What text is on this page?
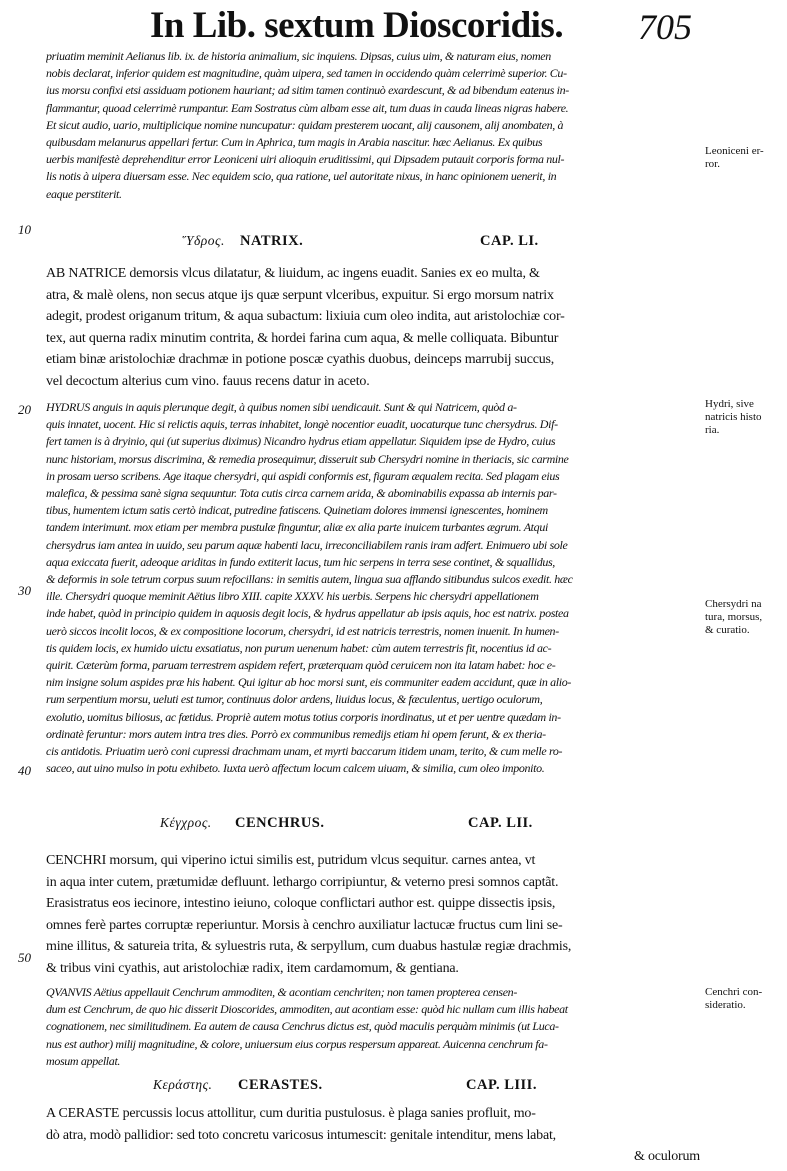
In Lib. sextum Dioscoridis. 705
priuatim meminit Aelianus lib. ix. de historia animalium, sic inquiens. Dipsas, cuius uim, & naturam eius, nomen
nobis declarat, inferior quidem est magnitudine, quàm uipera, sed tamen in occidendo quàm celerrimè superior. Cu-
ius morsu confixi etsi assiduam potionem hauriant; ad sitim tamen continuò exardescunt, & ad bibendum eatenus in-
flammantur, quoad celerrimè rumpantur. Eam Sostratus cùm albam esse ait, tum duas in cauda lineas nigras habere.
Et sicut audio, uario, multiplicique nomine nuncupatur: quidam presterem uocant, alij causonem, alij anombaten, à
quibusdam melanurus appellari fertur. Cum in Aphrica, tum magis in Arabia nascitur. hæc Aelianus. Ex quibus
uerbis manifestè deprehenditur error Leoniceni uiri alioquin eruditissimi, qui Dipsadem putauit corporis forma nul-
lis notis à uipera diuersam esse. Nec equidem scio, qua ratione, uel autoritate nixus, in hanc opinionem uenerit, in
eaque perstiterit.
10
Ὕδρος. NATRIX.	CAP. LI.
AB NATRICE demorsis vlcus dilatatur, & liuidum, ac ingens euadit. Sanies ex eo multa, &
atra, & malè olens, non secus atque ijs quæ serpunt vlceribus, expuitur. Si ergo morsum natrix
adegit, prodest origanum tritum, & aqua subactum: lixiuia cum oleo indita, aut aristolochiæ cor-
tex, aut querna radix minutim contrita, & hordei farina cum aqua, & melle colliquata. Bibuntur
etiam binæ aristolochiæ drachmæ in potione poscæ cyathis duobus, deinceps marrubij succus,
vel decoctum alterius cum vino. fauus recens datur in aceto.
20 HYDRUS anguis in aquis plerunque degit, à quibus nomen sibi uendicauit. Sunt & qui Natricem, quòd a-
quis innatet, uocent. Hic si relictis aquis, terras inhabitet, longè nocentior euadit, uocaturque tunc chersydrus. Dif-
fert tamen is à dryinio, qui (ut superius diximus) Nicandro hydrus etiam appellatur. Siquidem ipse de Hydro, cuius
nunc historiam, morsus discrimina, & remedia prosequimur, disseruit sub Chersydri nomine in theriacis, sic carmine
in prosam uerso scribens. Age itaque chersydri, qui aspidi conformis est, figuram æqualem recita. Sed plagam eius
malefica, & pessima sanè signa sequuntur. Tota cutis circa carnem arida, & abominabilis expassa ab internis par-
tibus, humentem ictum satis certò indicat, putredine fatiscens. Quinetiam dolores immensi ignescentes, hominem
tandem interimunt. mox etiam per membra pustulæ finguntur, aliæ ex alia parte inuicem turbantes ægrum. Atqui
chersydrus iam antea in uuido, seu parum aquæ habenti lacu, irreconciliabilem ranis iram adfert. Enimuero ubi sole
aqua exiccata fuerit, adeoque ariditas in fundo extiterit lacus, tum hic serpens in terra sese continet, & squallidus,
& deformis in sole tetrum corpus suum refocillans: in semitis autem, lingua sua afflando sitibundus sulcos exedit. hæc
ille. Chersydri quoque meminit Aëtius libro XIII. capite XXXV. his uerbis. Serpens hic chersydri appellationem
inde habet, quòd in principio quidem in aquosis degit locis, & hydrus appellatur ab ipsis aquis, hoc est natrix. postea
uerò siccos incolit locos, & ex compositione locorum, chersydri, id est natricis terrestris, nomen inuenit. In humen-
tis quidem locis, ex humido uictu exsatiatus, non purum uenenum habet: cùm autem terrestris fit, nocentius id ac-
quirit. Cæterùm forma, paruam terrestrem aspidem refert, præterquam quòd ceruicem non ita latam habet: hoc e-
nim insigne solum aspides præ his habent. Qui igitur ab hoc morsi sunt, eis communiter eadem accidunt, quæ in alio-
rum serpentium morsu, ueluti est tumor, continuus dolor ardens, liuidus locus, & fæculentus, uertigo oculorum,
exolutio, uomitus biliosus, ac fœtidus. Propriè autem motus totius corporis inordinatus, ut et per uentre quædam in-
ordinatè feruntur: mors autem intra tres dies. Porrò ex communibus remedijs etiam hi opem ferunt, & ex theria-
cis antidotis. Priuatim uerò coni cupressi drachmam unam, et myrti baccarum itidem unam, terito, & cum melle ro-
saceo, aut uino mulso in potu exhibeto. Iuxta uerò affectum locum calcem uiuam, & similia, cum oleo imponito.
30
40
Κέγχρος. CENCHRUS.	CAP. LII.
CENCHRI morsum, qui viperino ictui similis est, putridum vlcus sequitur. carnes antea, vt
in aqua inter cutem, prætumidæ defluunt. lethargo corripiuntur, & veterno presi somnos captãt.
Erasistratus eos iecinore, intestino ieiuno, coloque conflictari author est. quippe dissectis ipsis,
omnes ferè partes corruptæ reperiuntur. Morsis à cenchro auxiliatur lactucæ fructus cum lini se-
mine illitus, & satureia trita, & syluestris ruta, & serpyllum, cum duabus hastulæ regiæ drachmis,
& tribus vini cyathis, aut aristolochiæ radix, item cardamomum, & gentiana.
50
QVANVIS Aëtius appellauit Cenchrum ammoditen, & acontiam cenchriten; non tamen propterea censen-
dum est Cenchrum, de quo hic disserit Dioscorides, ammoditen, aut acontiam esse: quòd hic nullam cum illis habeat
cognationem, nec similitudinem. Ea autem de causa Cenchrus dictus est, quòd maculis perquàm minimis (ut Luca-
nus est author) milij magnitudine, & colore, uniuersum eius corpus respersum appareat. Auicenna cenchrum fa-
mosum appellat.
Κεράστης. CERASTES.	CAP. LIII.
A CERASTE percussis locus attollitur, cum duritia pustulosus. è plaga sanies profluit, mo-
dò atra, modò pallidior: sed toto concretu varicosus intumescit: genitale intenditur, mens labat,
& oculorum
Leoniceni er-
ror.
Hydri, sive
natricis histo
ria.
Chersydri na
tura, morsus,
& curatio.
Cenchri con-
sideratio.
